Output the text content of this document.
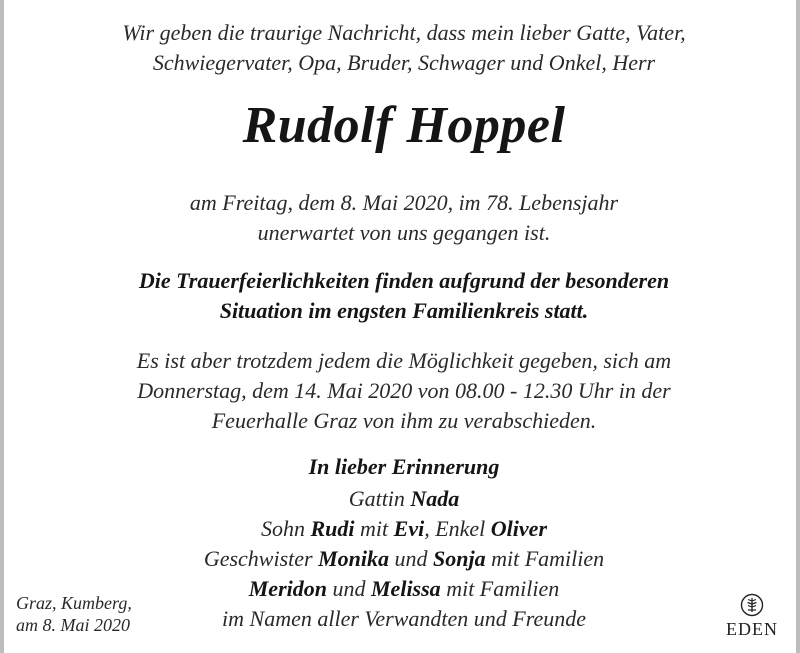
Wir geben die traurige Nachricht, dass mein lieber Gatte, Vater,
Schwiegervater, Opa, Bruder, Schwager und Onkel, Herr
Rudolf Hoppel
am Freitag, dem 8. Mai 2020, im 78. Lebensjahr
unerwartet von uns gegangen ist.
Die Trauerfeierlichkeiten finden aufgrund der besonderen
Situation im engsten Familienkreis statt.
Es ist aber trotzdem jedem die Möglichkeit gegeben, sich am
Donnerstag, dem 14. Mai 2020 von 08.00 - 12.30 Uhr in der
Feuerhalle Graz von ihm zu verabschieden.
In lieber Erinnerung
Gattin Nada
Sohn Rudi mit Evi, Enkel Oliver
Geschwister Monika und Sonja mit Familien
Meridon und Melissa mit Familien
im Namen aller Verwandten und Freunde
Graz, Kumberg,
am 8. Mai 2020	EDEN
